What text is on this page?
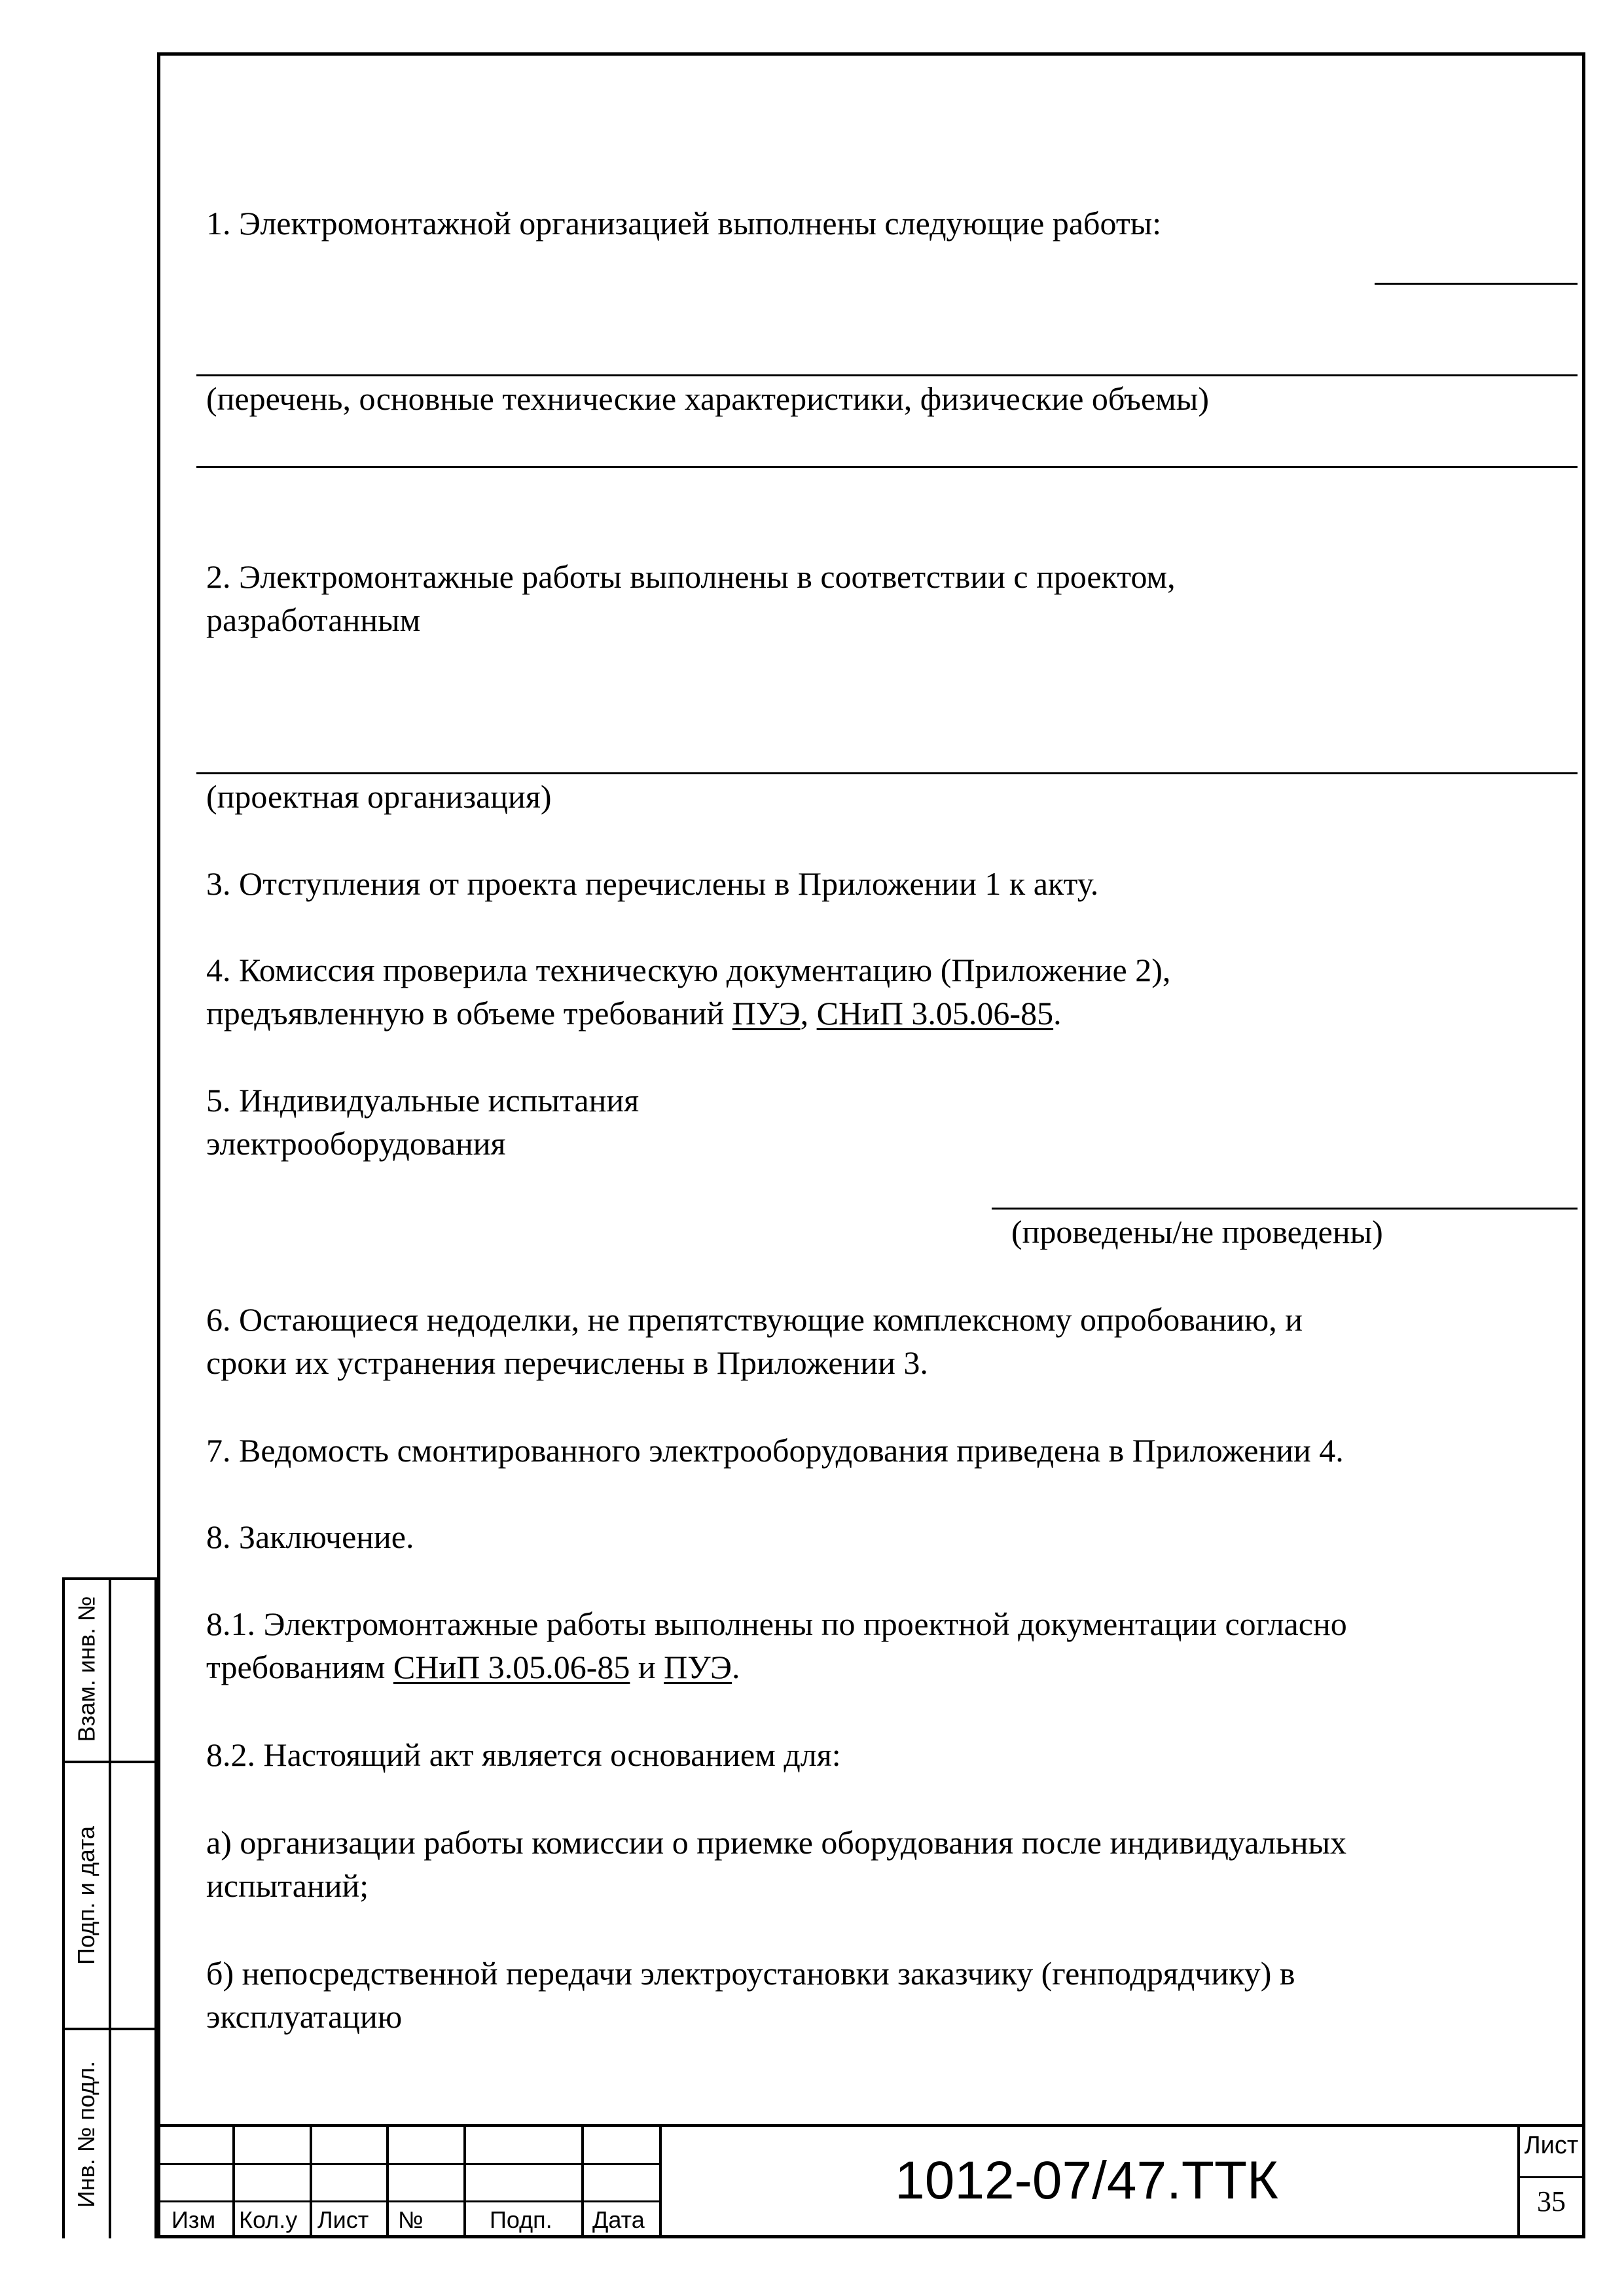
1. Электромонтажной организацией выполнены следующие работы:

(перечень, основные технические характеристики, физические объемы)

2. Электромонтажные работы выполнены в соответствии с проектом,

разработанным

(проектная организация)

3. Отступления от проекта перечислены в Приложении 1 к акту.

4. Комиссия проверила техническую документацию (Приложение 2),

предъявленную в объеме требований ПУЭ, СНиП 3.05.06-85.

5. Индивидуальные испытания

электрооборудования

(проведены/не проведены)

6. Остающиеся недоделки, не препятствующие комплексному опробованию, и

сроки их устранения перечислены в Приложении 3.

7. Ведомость смонтированного электрооборудования приведена в Приложении 4.

8. Заключение.

8.1. Электромонтажные работы выполнены по проектной документации согласно

требованиям СНиП 3.05.06-85 и ПУЭ.

8.2. Настоящий акт является основанием для:

а) организации работы комиссии о приемке оборудования после индивидуальных

испытаний;

б) непосредственной передачи электроустановки заказчику (генподрядчику) в

эксплуатацию

Взам. инв. №
Подп. и дата
Инв. № подл.
Изм Кол.у Лист №	Подп. Дата
1012-07/47.ТТК
Лист
35
